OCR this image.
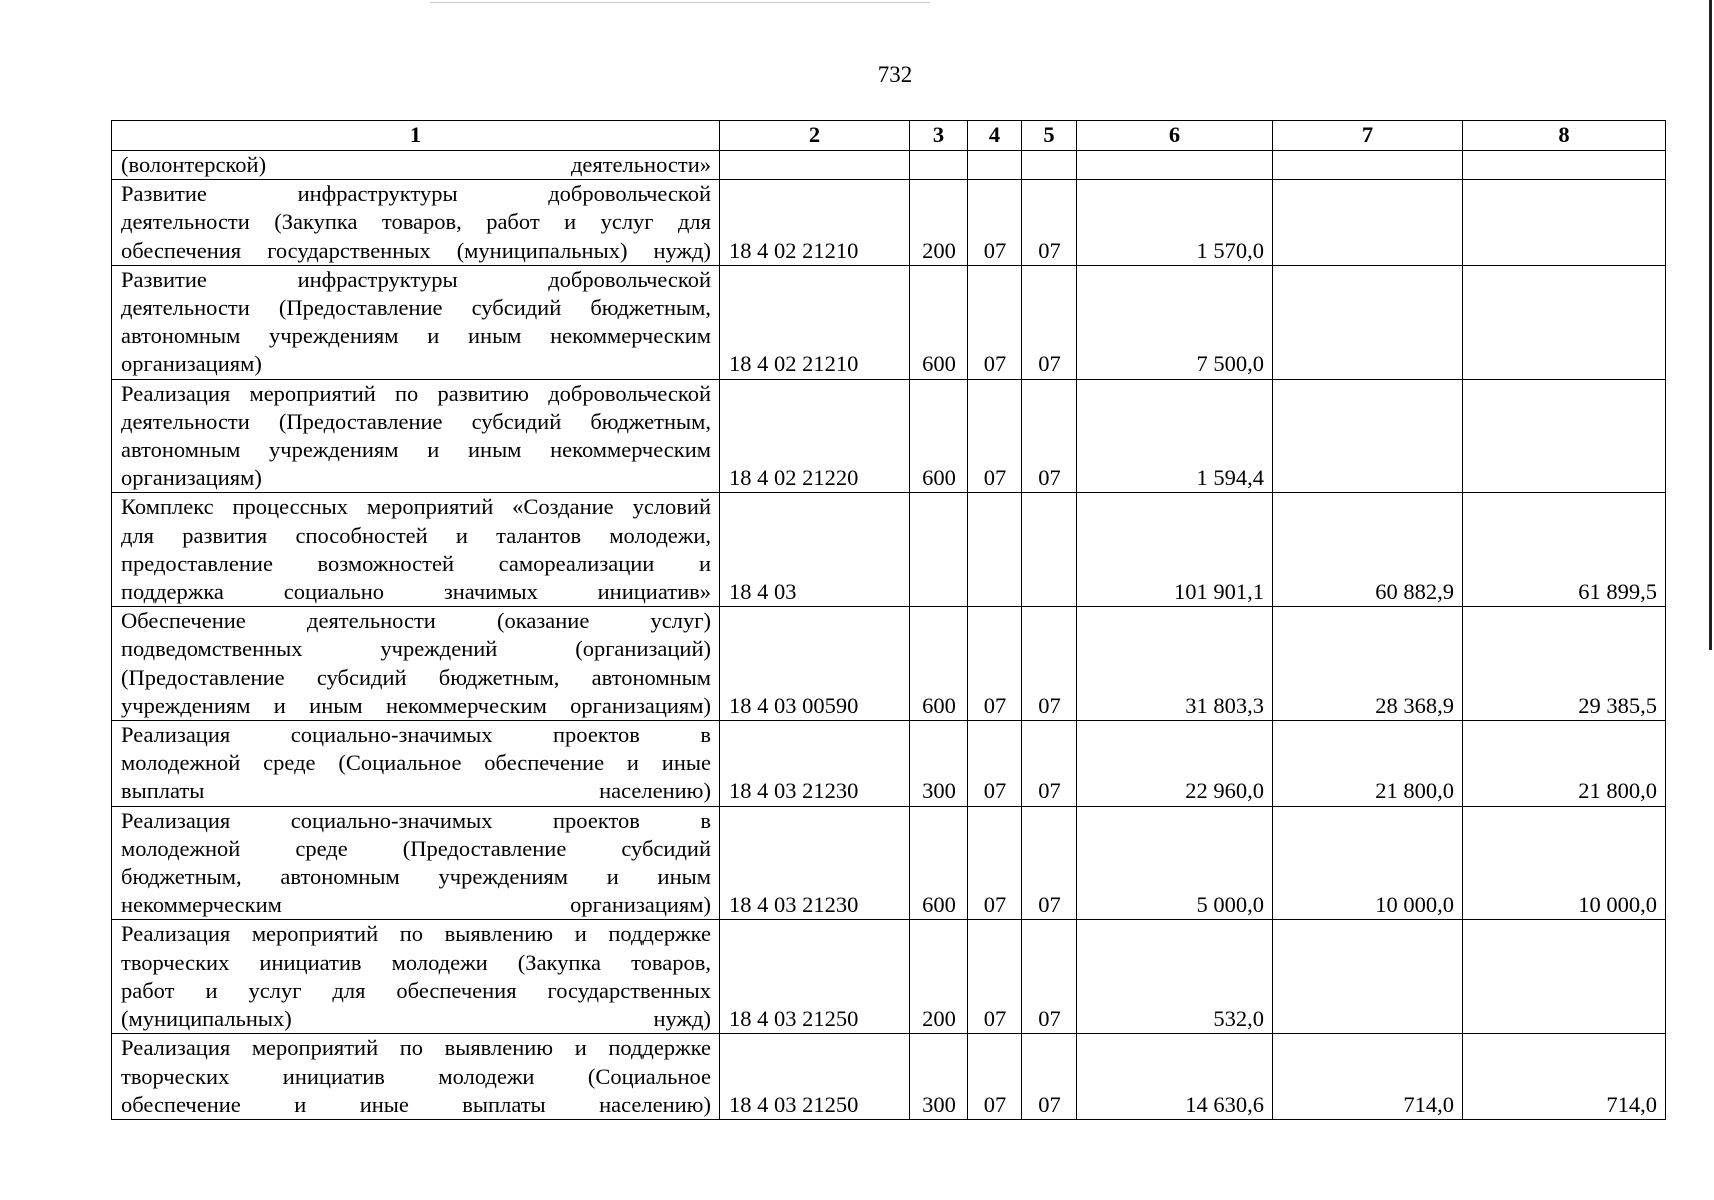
732
1	2	3	4	5	6	7	8

(волонтерской) деятельности»							

Развитие инфраструктуры добровольческой
деятельности (Закупка товаров, работ и услуг для
обеспечения государственных (муниципальных) нужд)	18 4 02 21210	200	07	07	1 570,0		

Развитие инфраструктуры добровольческой
деятельности (Предоставление субсидий бюджетным,
автономным учреждениям и иным некоммерческим
организациям)	18 4 02 21210	600	07	07	7 500,0		

Реализация мероприятий по развитию добровольческой
деятельности (Предоставление субсидий бюджетным,
автономным учреждениям и иным некоммерческим
организациям)	18 4 02 21220	600	07	07	1 594,4		

Комплекс процессных мероприятий «Создание условий
для развития способностей и талантов молодежи,
предоставление возможностей самореализации и
поддержка социально значимых инициатив»	18 4 03				101 901,1	60 882,9	61 899,5

Обеспечение деятельности (оказание услуг)
подведомственных учреждений (организаций)
(Предоставление субсидий бюджетным, автономным
учреждениям и иным некоммерческим организациям)	18 4 03 00590	600	07	07	31 803,3	28 368,9	29 385,5

Реализация социально-значимых проектов в
молодежной среде (Социальное обеспечение и иные
выплаты населению)	18 4 03 21230	300	07	07	22 960,0	21 800,0	21 800,0

Реализация социально-значимых проектов в
молодежной среде (Предоставление субсидий
бюджетным, автономным учреждениям и иным
некоммерческим организациям)	18 4 03 21230	600	07	07	5 000,0	10 000,0	10 000,0

Реализация мероприятий по выявлению и поддержке
творческих инициатив молодежи (Закупка товаров,
работ и услуг для обеспечения государственных
(муниципальных) нужд)	18 4 03 21250	200	07	07	532,0		

Реализация мероприятий по выявлению и поддержке
творческих инициатив молодежи (Социальное
обеспечение и иные выплаты населению)	18 4 03 21250	300	07	07	14 630,6	714,0	714,0
